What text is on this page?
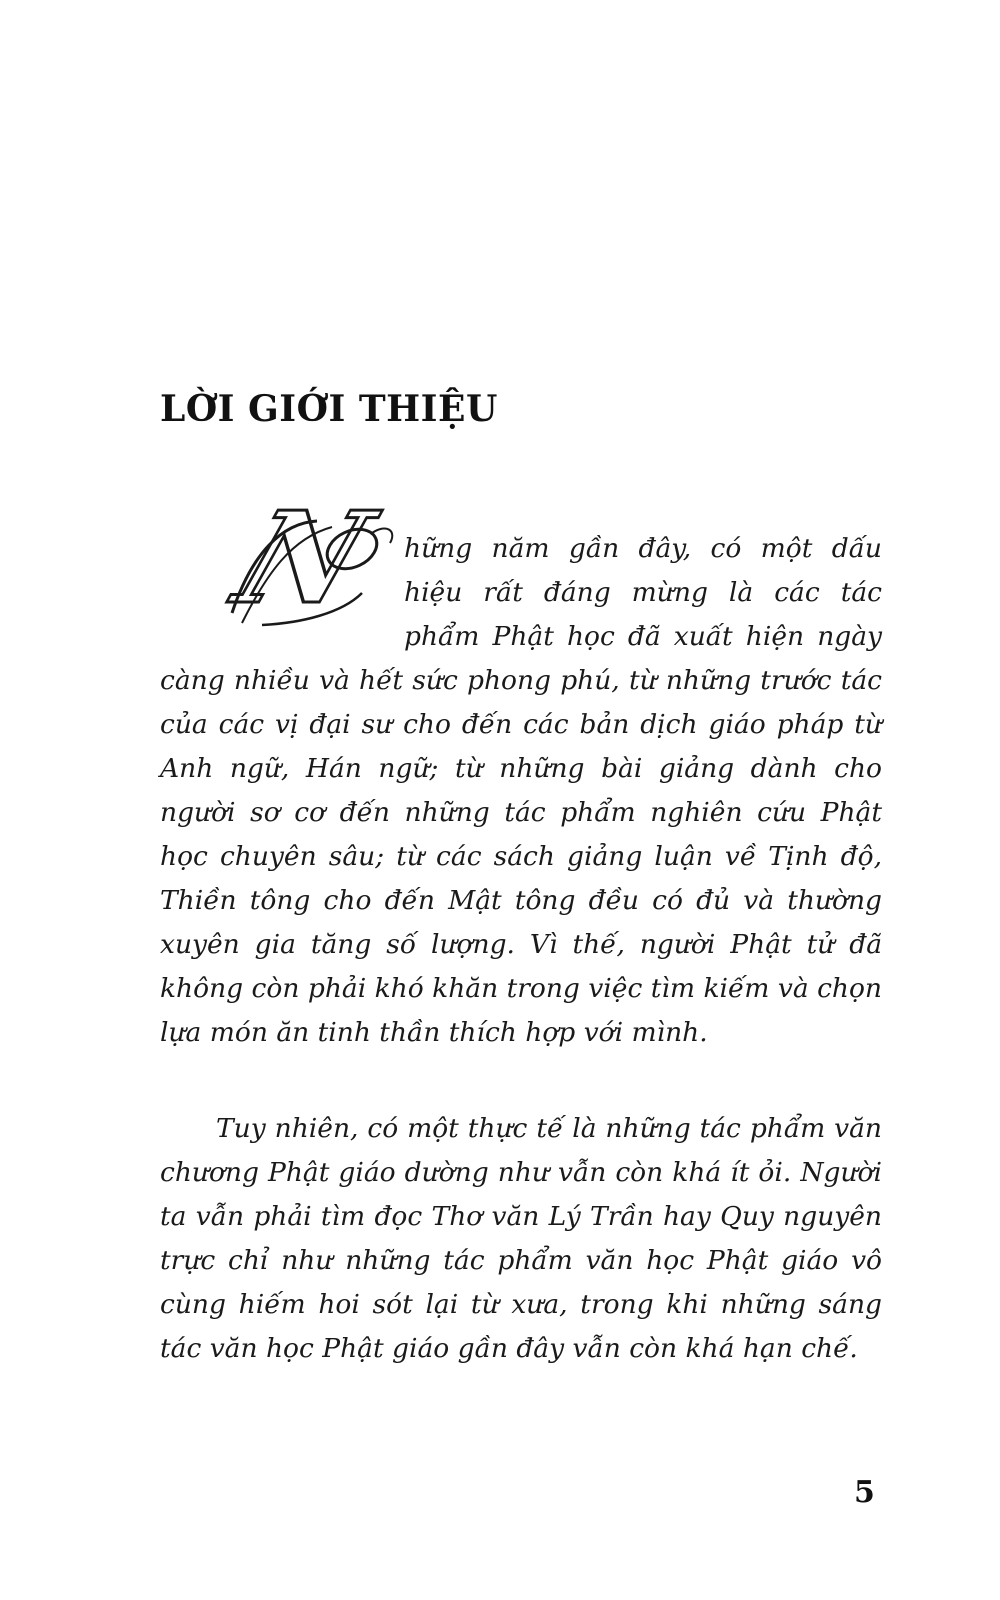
LỜI GIỚI THIỆU
N hững năm gần đây, có một dấu hiệu rất đáng mừng là các tác phẩm Phật học đã xuất hiện ngày càng nhiều và hết sức phong phú, từ những trước tác của các vị đại sư cho đến các bản dịch giáo pháp từ Anh ngữ, Hán ngữ; từ những bài giảng dành cho người sơ cơ đến những tác phẩm nghiên cứu Phật học chuyên sâu; từ các sách giảng luận về Tịnh độ, Thiền tông cho đến Mật tông đều có đủ và thường xuyên gia tăng số lượng. Vì thế, người Phật tử đã không còn phải khó khăn trong việc tìm kiếm và chọn lựa món ăn tinh thần thích hợp với mình.
Tuy nhiên, có một thực tế là những tác phẩm văn chương Phật giáo dường như vẫn còn khá ít ỏi. Người ta vẫn phải tìm đọc Thơ văn Lý Trần hay Quy nguyên trực chỉ như những tác phẩm văn học Phật giáo vô cùng hiếm hoi sót lại từ xưa, trong khi những sáng tác văn học Phật giáo gần đây vẫn còn khá hạn chế.
5
